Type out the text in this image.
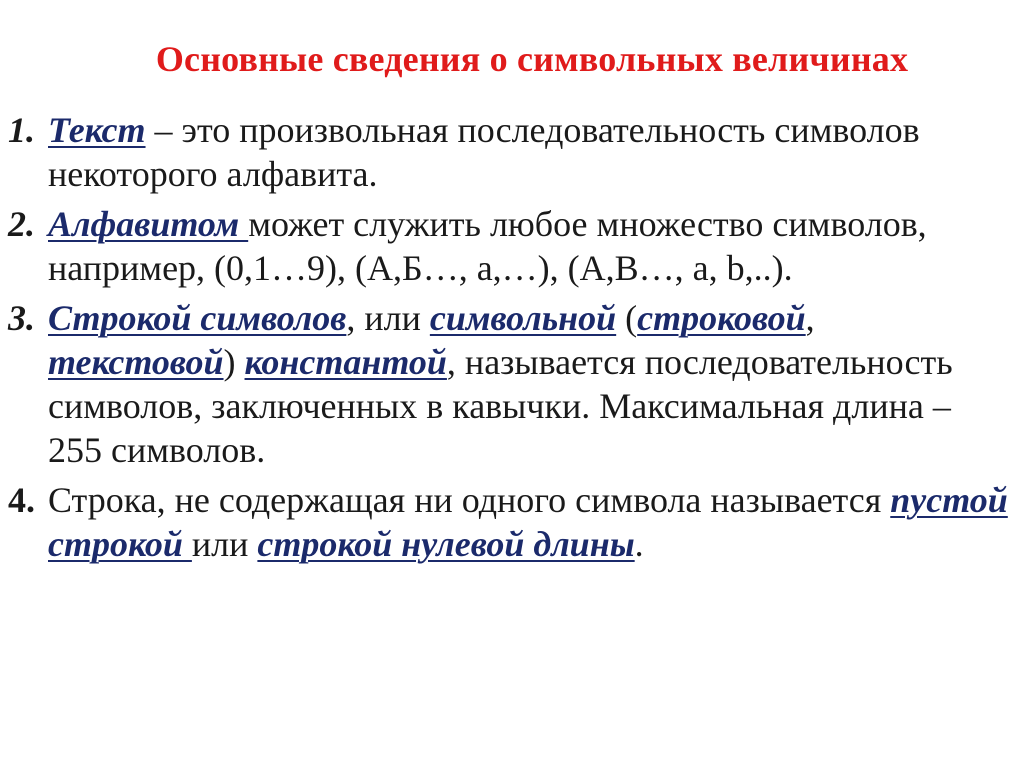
Основные сведения о символьных величинах
1. Текст – это произвольная последовательность символов некоторого алфавита.
2. Алфавитом может служить любое множество символов, например, (0,1…9), (А,Б…, а,…), (A,B…, a, b,..).
3. Строкой символов, или символьной (строковой, текстовой) константой, называется последовательность символов, заключенных в кавычки. Максимальная длина – 255 символов.
4. Строка, не содержащая ни одного символа называется пустой строкой или строкой нулевой длины.
